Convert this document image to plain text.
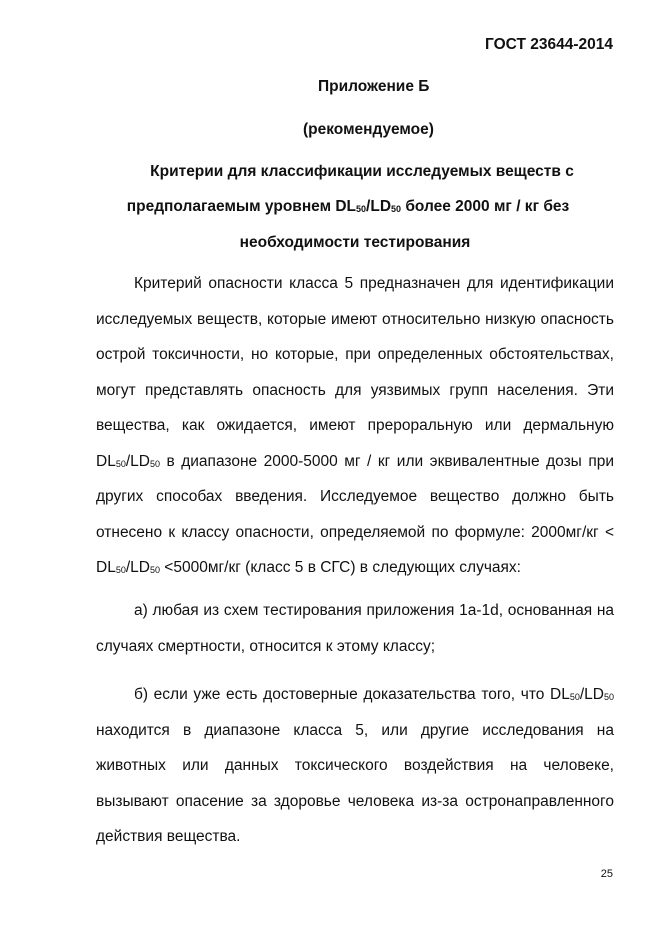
ГОСТ 23644-2014
Приложение Б
(рекомендуемое)
Критерии для классификации исследуемых веществ с
предполагаемым уровнем $DL_{50}/LD_{50}$ более 2000 мг / кг без
необходимости тестирования
Критерий опасности класса 5 предназначен для идентификации исследуемых веществ, которые имеют относительно низкую опасность острой токсичности, но которые, при определенных обстоятельствах, могут представлять опасность для уязвимых групп населения. Эти вещества, как ожидается, имеют прероральную или дермальную $DL_{50}/LD_{50}$ в диапазоне 2000-5000 мг / кг или эквивалентные дозы при других способах введения. Исследуемое вещество должно быть отнесено к классу опасности, определяемой по формуле: $2000мг/кг < DL_{50}/LD_{50} <5000мг/кг$ (класс 5 в СГС) в следующих случаях:
а) любая из схем тестирования приложения 1а-1d, основанная на случаях смертности, относится к этому классу;
б) если уже есть достоверные доказательства того, что $DL_{50}/LD_{50}$ находится в диапазоне класса 5, или другие исследования на животных или данных токсического воздействия на человеке, вызывают опасение за здоровье человека из-за остронаправленного действия вещества.
25
